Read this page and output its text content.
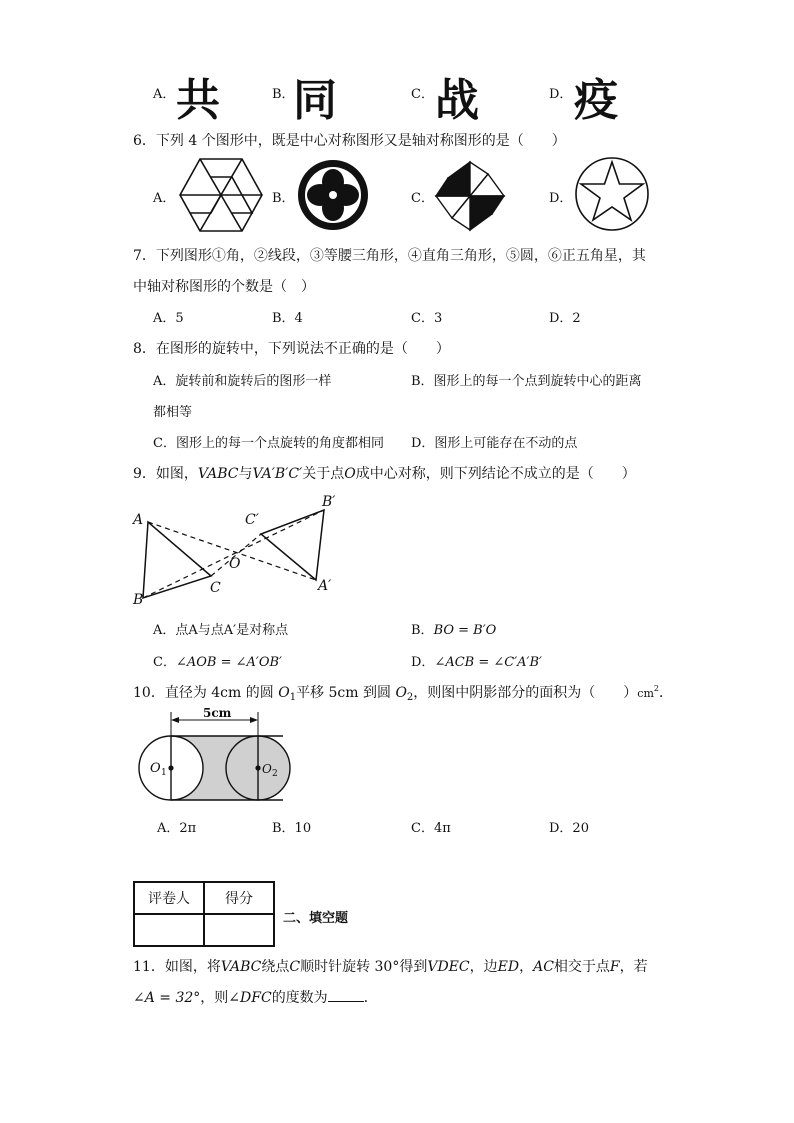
A． 共	B．
同	C． 战	D． 疫
6．下列 4 个图形中，既是中心对称图形又是轴对称图形的是（　　）
A．	B．	C．	D．
7．下列图形①角，②线段，③等腰三角形，④直角三角形，⑤圆，⑥正五角星，其
中轴对称图形的个数是（　）
A．5	B．4	C．3	D．2
8．在图形的旋转中，下列说法不正确的是（　　）
A．旋转前和旋转后的图形一样	B．图形上的每一个点到旋转中心的距离
都相等
C．图形上的每一个点旋转的角度都相同 D．图形上可能存在不动的点
9．如图，VABC与VA′B′C′关于点O成中心对称，则下列结论不成立的是（　　）
A
B
C	A′
B′
C′
O
A．点A与点A′是对称点	B．BO = B′O
C．∠AOB = ∠A′OB′	D．∠ACB = ∠C′A′B′
10．直径为 4cm 的圆 $O_1$平移 5cm 到圆 $O_2$，则图中阴影部分的面积为（　　）$cm^2$．
5cm
O 1	O 2
A．2π	B．10	C．4π	D．20
评卷人	得分

二、填空题
11．如图，将VABC绕点C顺时针旋转 30°得到VDEC，边ED，AC相交于点F，若
∠A = 32°，则∠DFC的度数为	．
